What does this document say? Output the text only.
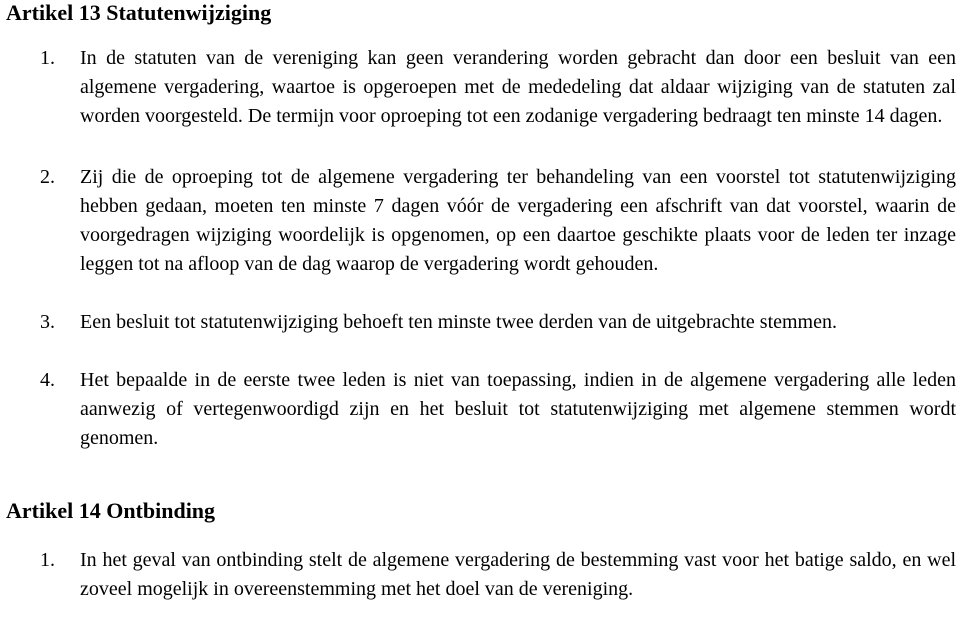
Artikel 13 Statutenwijziging
1. In de statuten van de vereniging kan geen verandering worden gebracht dan door een besluit van een algemene vergadering, waartoe is opgeroepen met de mededeling dat aldaar wijziging van de statuten zal worden voorgesteld. De termijn voor oproeping tot een zodanige vergadering bedraagt ten minste 14 dagen.

2. Zij die de oproeping tot de algemene vergadering ter behandeling van een voorstel tot statutenwijziging hebben gedaan, moeten ten minste 7 dagen vóór de vergadering een afschrift van dat voorstel, waarin de voorgedragen wijziging woordelijk is opgenomen, op een daartoe geschikte plaats voor de leden ter inzage leggen tot na afloop van de dag waarop de vergadering wordt gehouden.

3. Een besluit tot statutenwijziging behoeft ten minste twee derden van de uitgebrachte stemmen.

4. Het bepaalde in de eerste twee leden is niet van toepassing, indien in de algemene vergadering alle leden aanwezig of vertegenwoordigd zijn en het besluit tot statutenwijziging met algemene stemmen wordt genomen.

Artikel 14 Ontbinding
1. In het geval van ontbinding stelt de algemene vergadering de bestemming vast voor het batige saldo, en wel zoveel mogelijk in overeenstemming met het doel van de vereniging.
